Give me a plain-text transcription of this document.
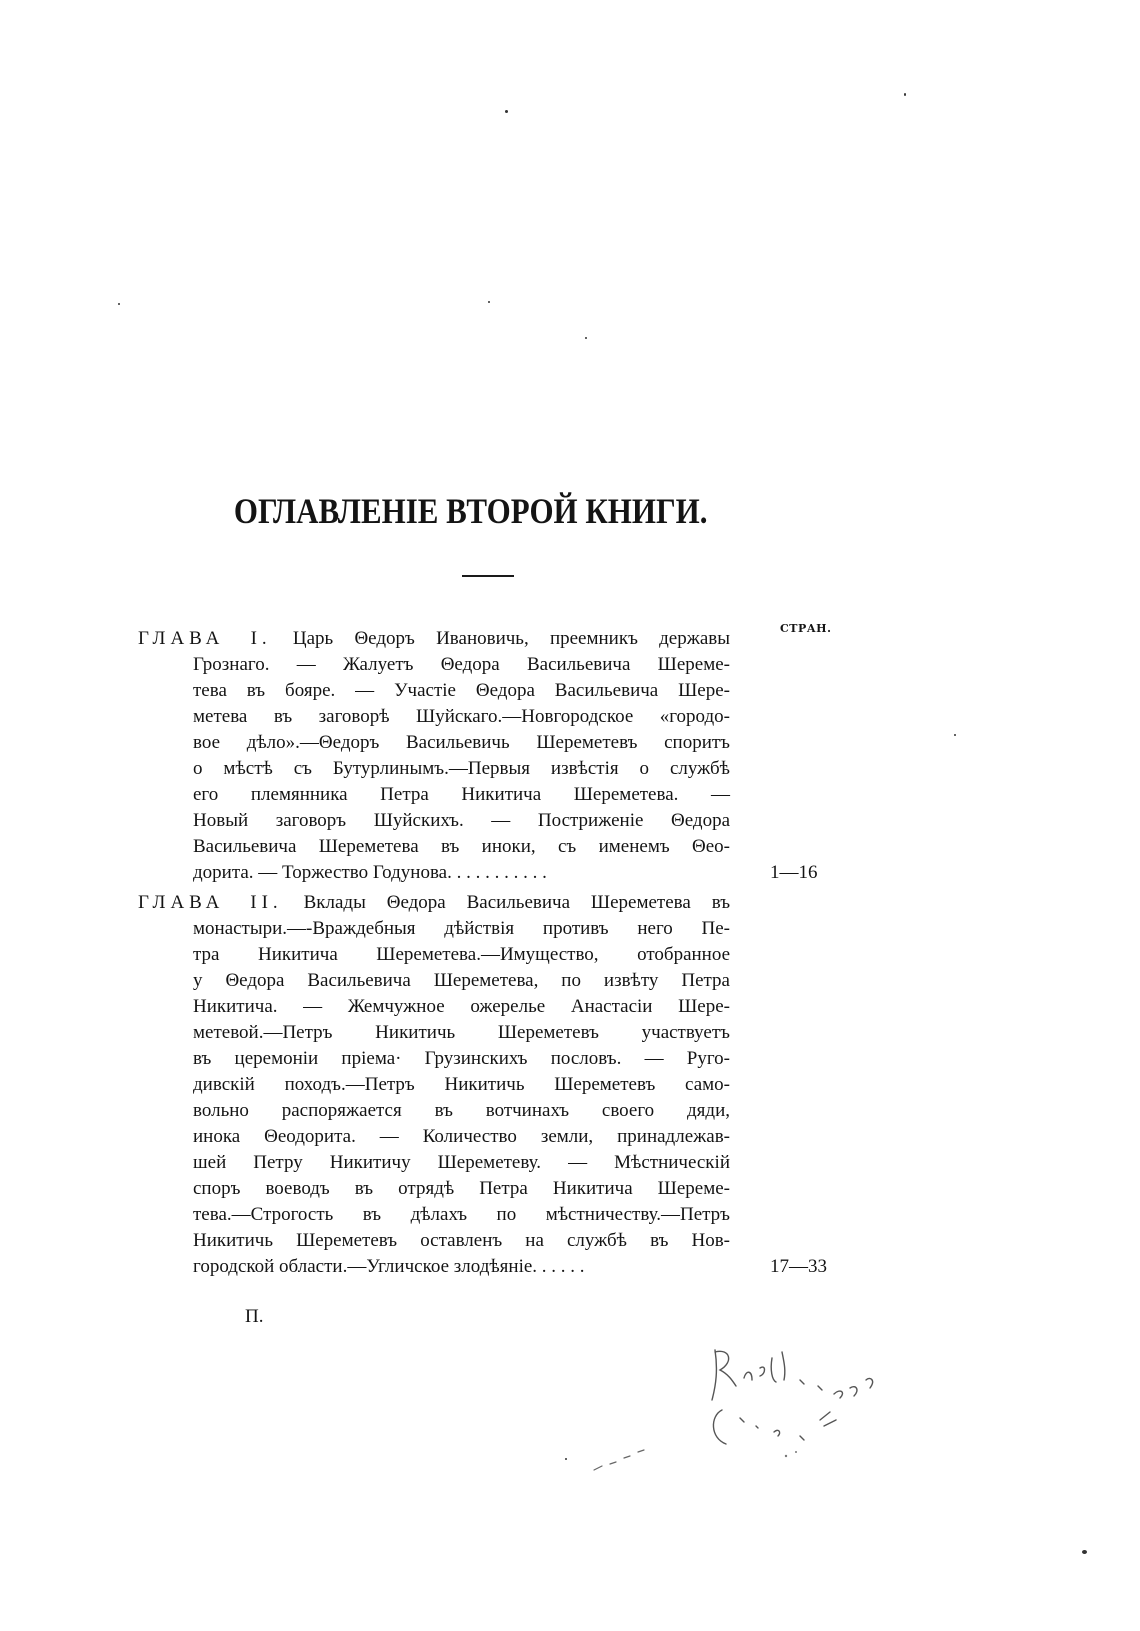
ОГЛАВЛЕНІЕ ВТОРОЙ КНИГИ.
СТРАН.
ГЛАВА I. Царь Θедоръ Ивановичь, преемникъ державы
Грознаго. — Жалуетъ Θедора Васильевича Шереме-
тева въ бояре. — Участіе Θедора Васильевича Шере-
метева въ заговорѣ Шуйскаго.—Новгородское «городо-
вое дѣло».—Θедоръ Васильевичь Шереметевъ споритъ
о мѣстѣ съ Бутурлинымъ.—Первыя извѣстія о службѣ
его племянника Петра Никитича Шереметева. —
Новый заговоръ Шуйскихъ. — Постриженіе Θедора
Васильевича Шереметева въ иноки, съ именемъ Θео-
дорита. — Торжество Годунова. . . . . . . . . . .	1—16
ГЛАВА II. Вклады Θедора Васильевича Шереметева въ
монастыри.—-Враждебныя дѣйствія противъ него Пе-
тра Никитича Шереметева.—Имущество, отобранное
у Θедора Васильевича Шереметева, по извѣту Петра
Никитича. — Жемчужное ожерелье Анастасіи Шере-
метевой.—Петръ Никитичь Шереметевъ участвуетъ
въ церемоніи пріема· Грузинскихъ пословъ. — Руго-
дивскій походъ.—Петръ Никитичь Шереметевъ само-
вольно распоряжается въ вотчинахъ своего дяди,
инока Θеодорита. — Количество земли, принадлежав-
шей Петру Никитичу Шереметеву. — Мѣстническій
споръ воеводъ въ отрядѣ Петра Никитича Шереме-
тева.—Строгость въ дѣлахъ по мѣстничеству.—Петръ
Никитичь Шереметевъ оставленъ на службѣ въ Нов-
городской области.—Угличское злодѣяніе. . . . . .	17—33
П.
